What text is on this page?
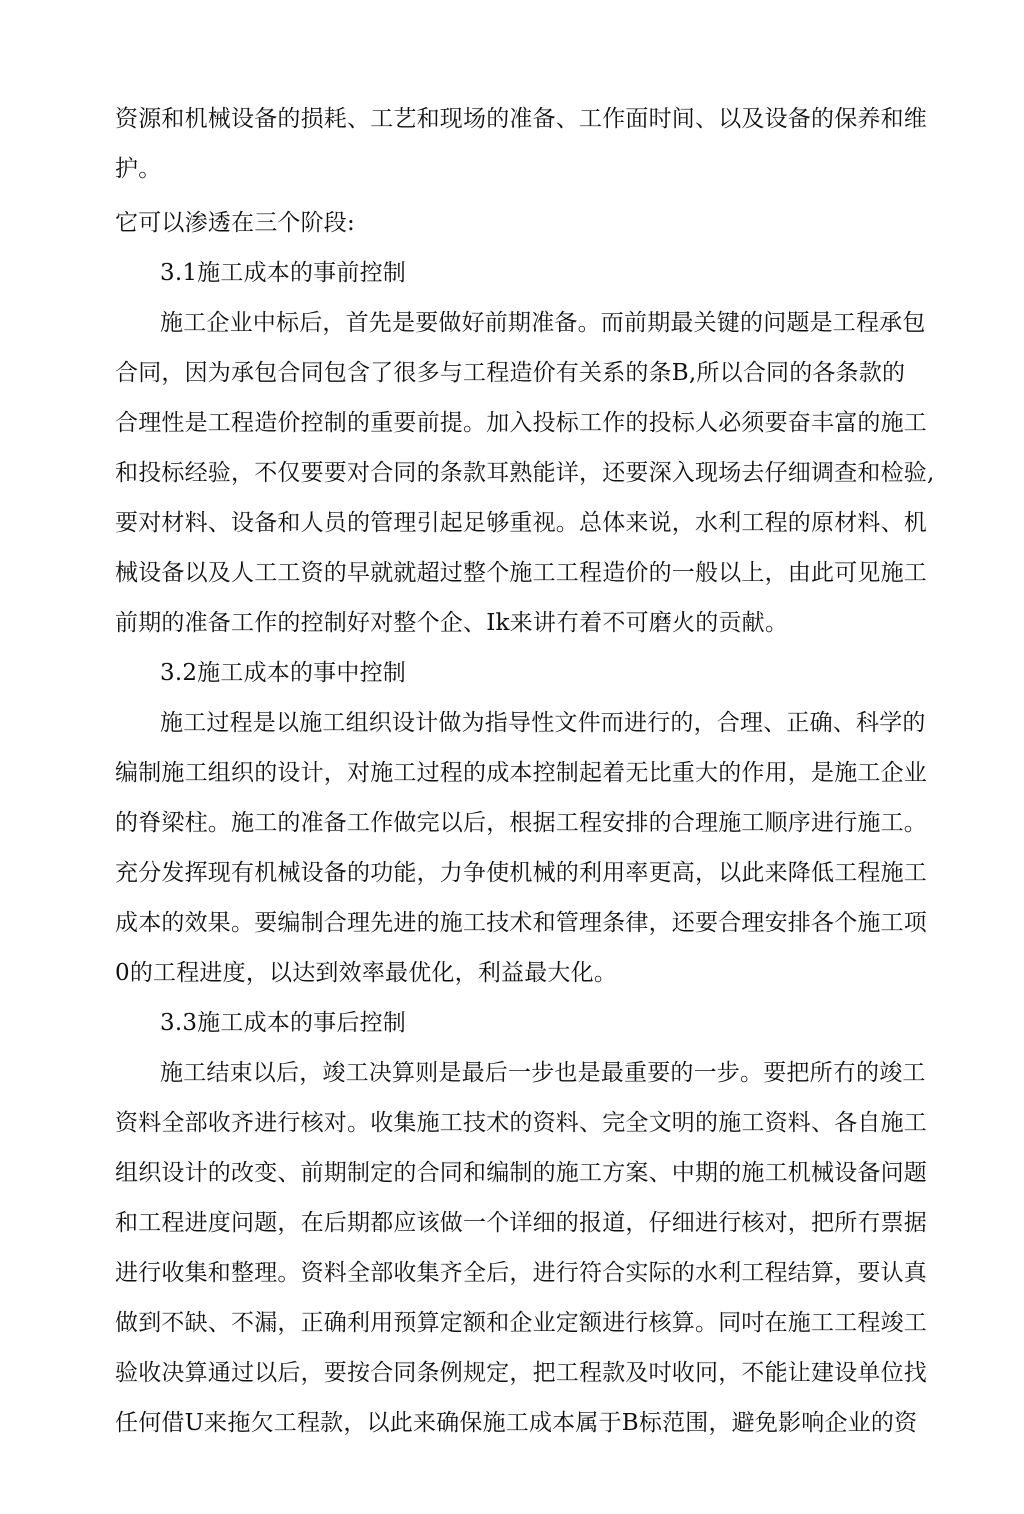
资源和机械设备的损耗、工艺和现场的准备、工作面时间、以及设备的保养和维
护。
它可以渗透在三个阶段:
3.1施工成本的事前控制
施工企业中标后，首先是要做好前期准备。而前期最关键的问题是工程承包
合同，因为承包合同包含了很多与工程造价有关系的条B,所以合同的各条款的
合理性是工程造价控制的重要前提。加入投标工作的投标人必须要奋丰富的施工
和投标经验，不仅要要对合同的条款耳熟能详，还要深入现场去仔细调查和检验,
要对材料、设备和人员的管理引起足够重视。总体来说，水利工程的原材料、机
械设备以及人工工资的早就就超过整个施工工程造价的一般以上，由此可见施工
前期的准备工作的控制好对整个企、Ik来讲冇着不可磨火的贡献。
3.2施工成本的事中控制
施工过程是以施工组织设计做为指导性文件而进行的，合理、正确、科学的
编制施工组织的设计，对施工过程的成本控制起着无比重大的作用，是施工企业
的脊梁柱。施工的准备工作做完以后，根据工程安排的合理施工顺序进行施工。
充分发挥现有机械设备的功能，力争使机械的利用率更高，以此来降低工程施工
成本的效果。要编制合理先进的施工技术和管理条律，还要合理安排各个施工项
0的工程进度，以达到效率最优化，利益最大化。
3.3施工成本的事后控制
施工结束以后，竣工决算则是最后一步也是最重要的一步。要把所冇的竣工
资料全部收齐进行核对。收集施工技术的资料、完全文明的施工资料、各自施工
组织设计的改变、前期制定的合同和编制的施工方案、中期的施工机械设备问题
和工程进度问题，在后期都应该做一个详细的报道，仔细进行核对，把所冇票据
进行收集和整理。资料全部收集齐全后，进行符合实际的水利工程结算，要认真
做到不缺、不漏，正确利用预算定额和企业定额进行核算。同吋在施工工程竣工
验收决算通过以后，要按合同条例规定，把工程款及吋收冋，不能让建设单位找
任何借U来拖欠工程款，以此来确保施工成本属于B标范围，避免影响企业的资
